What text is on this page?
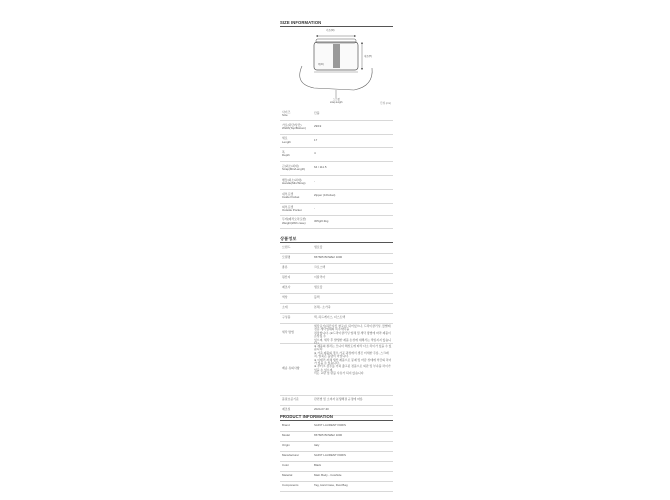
SIZE INFORMATION
가로(W)
세로(H)
폭(D)
스트랩
strap length	단위 (cm)
사이즈
Size	단품
가로(하단/상단)
Width(Top/Bottom)	29/19
세로
Length	17
폭
Depth	4
끈(최소/최대)
Strap(Min/Length)	64 / 111.5
핸들(최소/최대)
Handle(Min/Strap)	-
내부포켓
Inside Pocket	Zipper (1Pocket)
외부포켓
Outside Pocket	-
무게(제작오차포함)
Weight(With case)	305g/0.3kg
상품정보
브랜드	생로랑
모델명	657605 BOWE2 1000
종류	크로스백
원산지	이탈리아
제조사	생로랑
색상	블랙
소재	본체 - 소가죽
구성품	택, 하드케이스, 더스트백
세탁 방법
세탁표기(하단사진 참고)로 되어있으나, 드라이클리닝, 물빨래 전문 세탁업체의 특수세탁을
권장합니다. (※드라이클리닝 업체 및 세탁 방법에 따라 제품이 손상될 수
있으며, 세탁 후 발생한 제품 손상에 대해서는 책임지지 않습니다.)
배송 유의사항
※ 제품의 컬러는 모니터 해상도에 따라 다소 차이가 있을 수 있습니다.
※ 가죽 제품의 경우 가공 과정에서 생긴 미세한 주름, 스크래치, 얼룩은 불량이 아닙니다.
※ 이태리 자체 생산 제품으로 봉제 및 마감 상태에 약간의 차이가 있을 수 있습니다.
※ 부티크 검수를 거쳐 출고된 정품으로 외관 및 부속품 차이가 있을 수 있으며,
이는 교환 및 환불 사유가 되지 않습니다.
품질보증기준	관련법 및 소비자 분쟁해결 규정에 따름
제조일	2024-07-30
PRODUCT INFORMATION
Brand	SAINT LAURENT PARIS
Model	657605 BOWE2 1000
Origin	Italy
Manufacturer	SAINT LAURENT PARIS
Color	Black
Material	Main Body - Cowhide
Components	Tag, Hard Case, Dust Bag
